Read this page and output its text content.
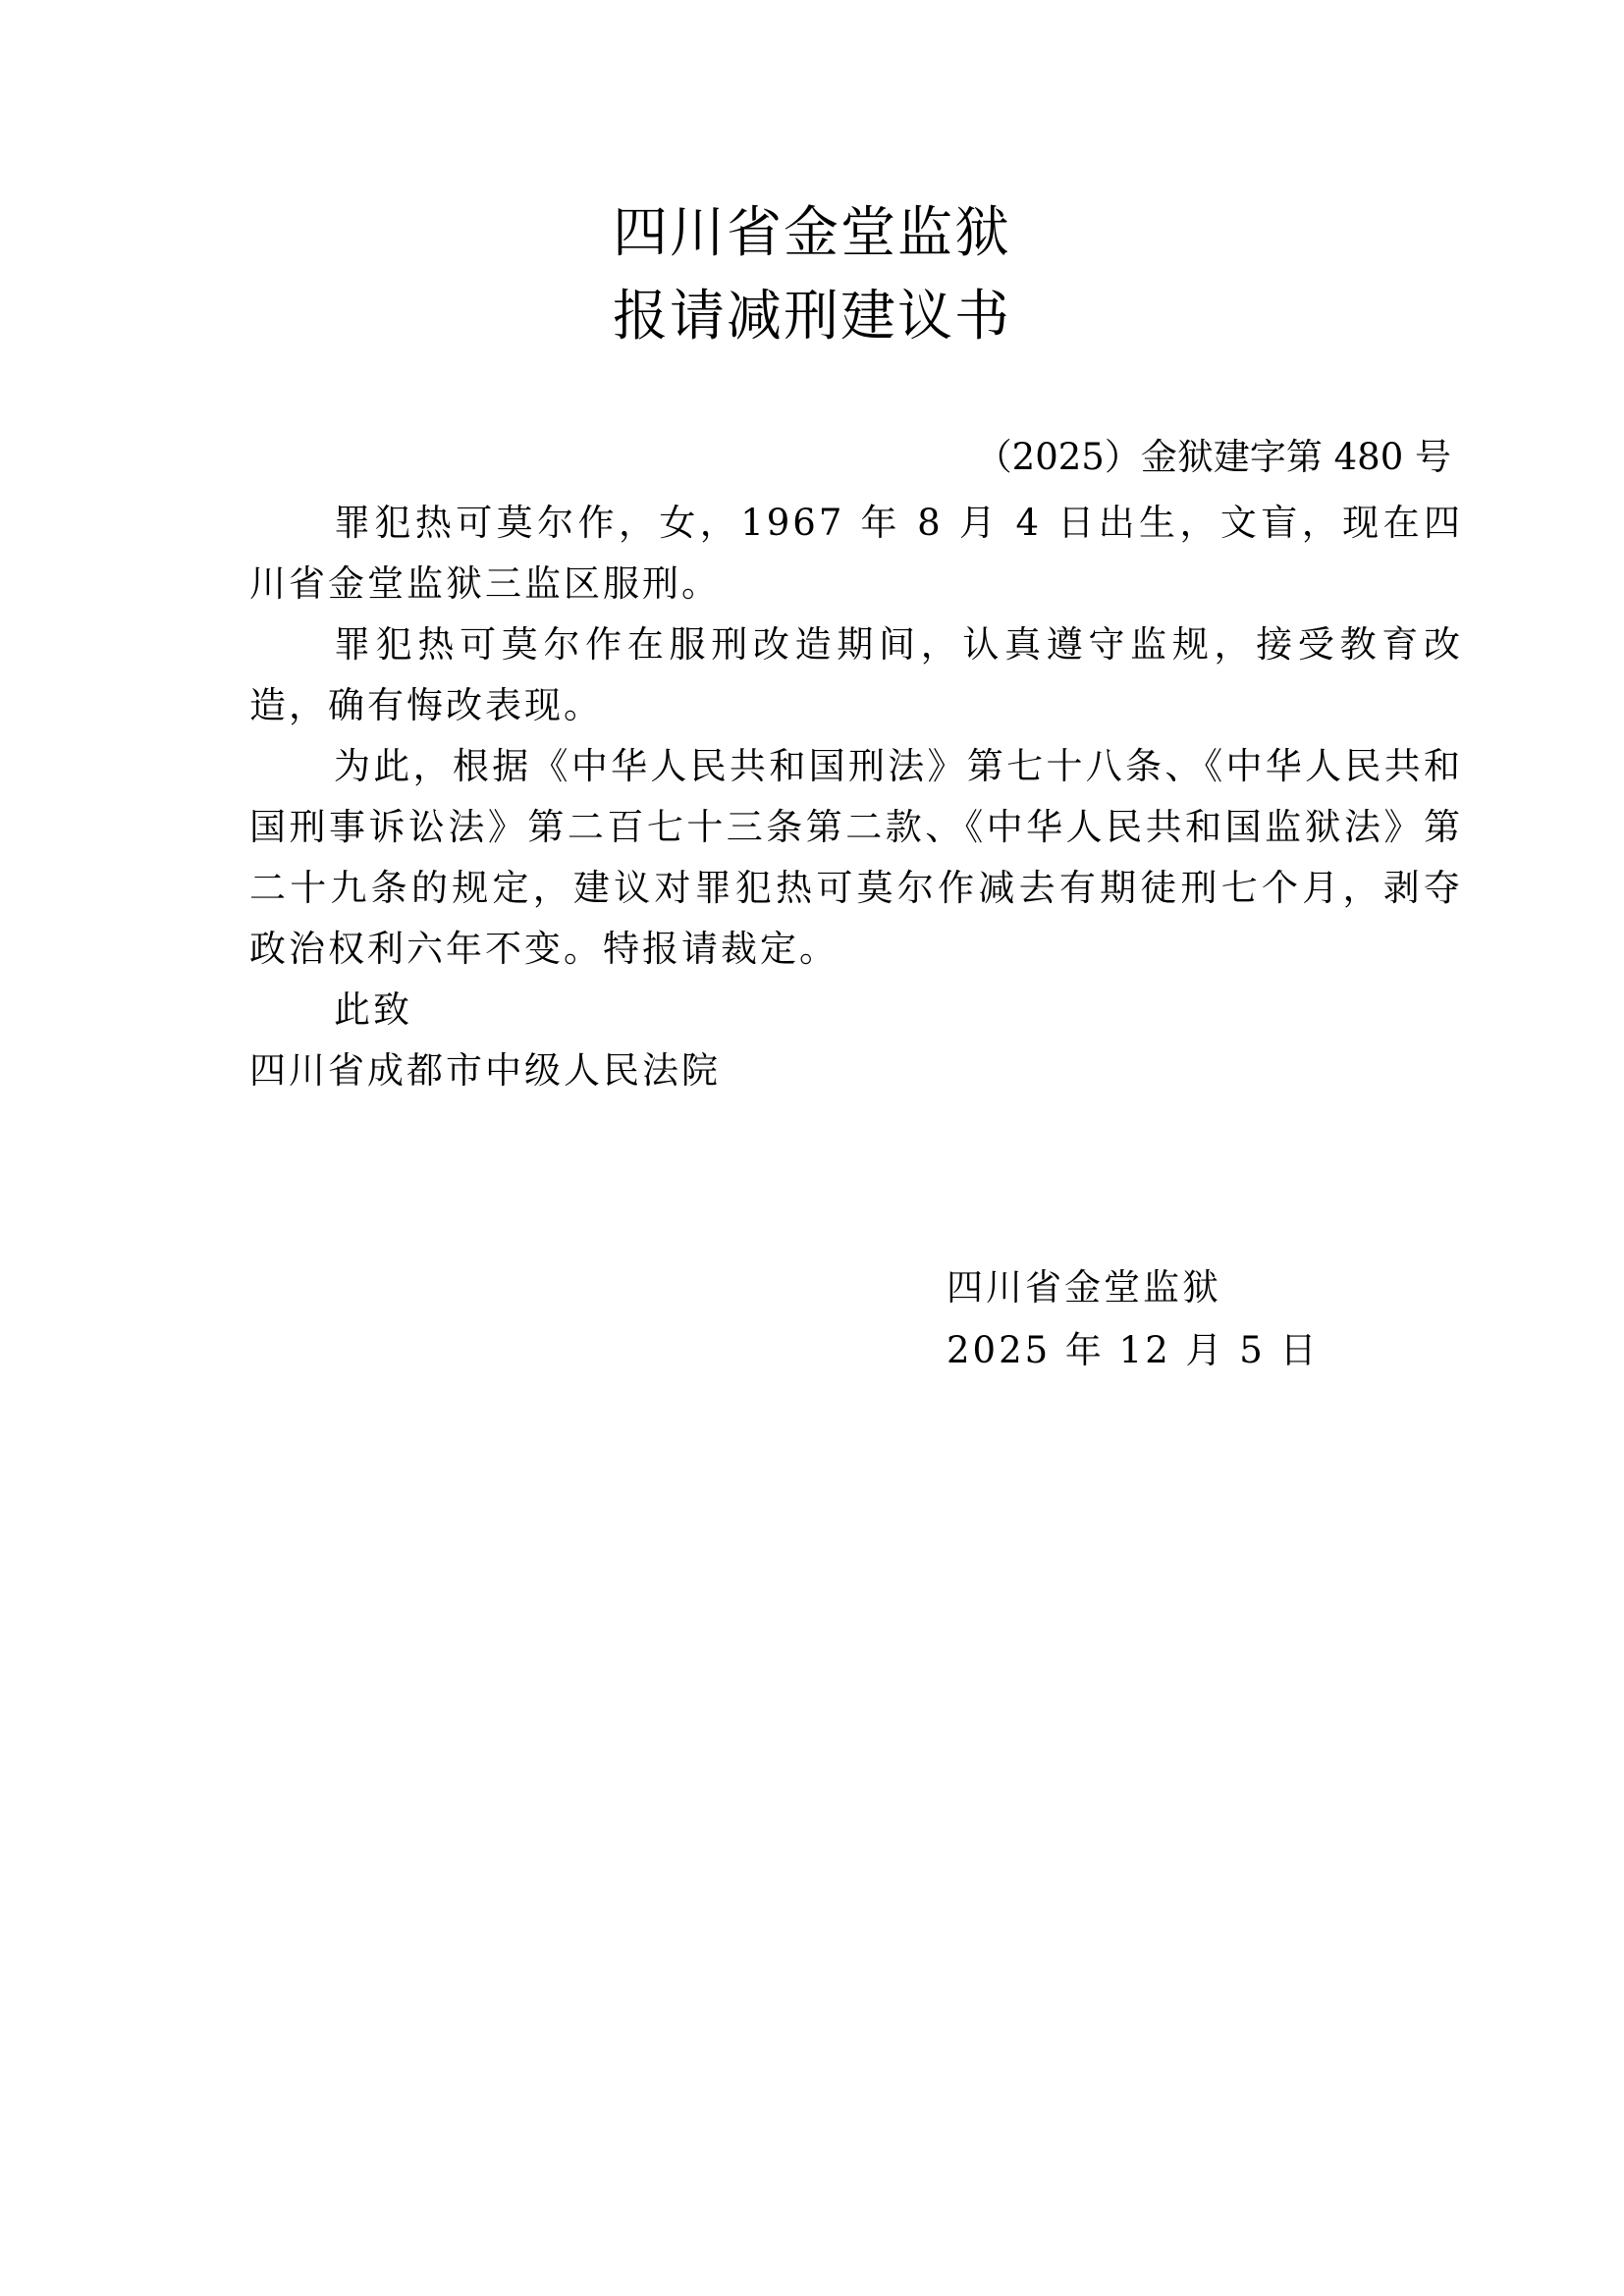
四川省金堂监狱
报请减刑建议书
（2025）金狱建字第 480 号

罪犯热可莫尔作，女，1967 年 8 月 4 日出生，文盲，现在四川省金堂监狱三监区服刑。

罪犯热可莫尔作在服刑改造期间，认真遵守监规，接受教育改造，确有悔改表现。

为此，根据《中华人民共和国刑法》第七十八条、《中华人民共和国刑事诉讼法》第二百七十三条第二款、《中华人民共和国监狱法》第二十九条的规定，建议对罪犯热可莫尔作减去有期徒刑七个月，剥夺政治权利六年不变。特报请裁定。

此致

四川省成都市中级人民法院

四川省金堂监狱
2025 年 12 月 5 日
